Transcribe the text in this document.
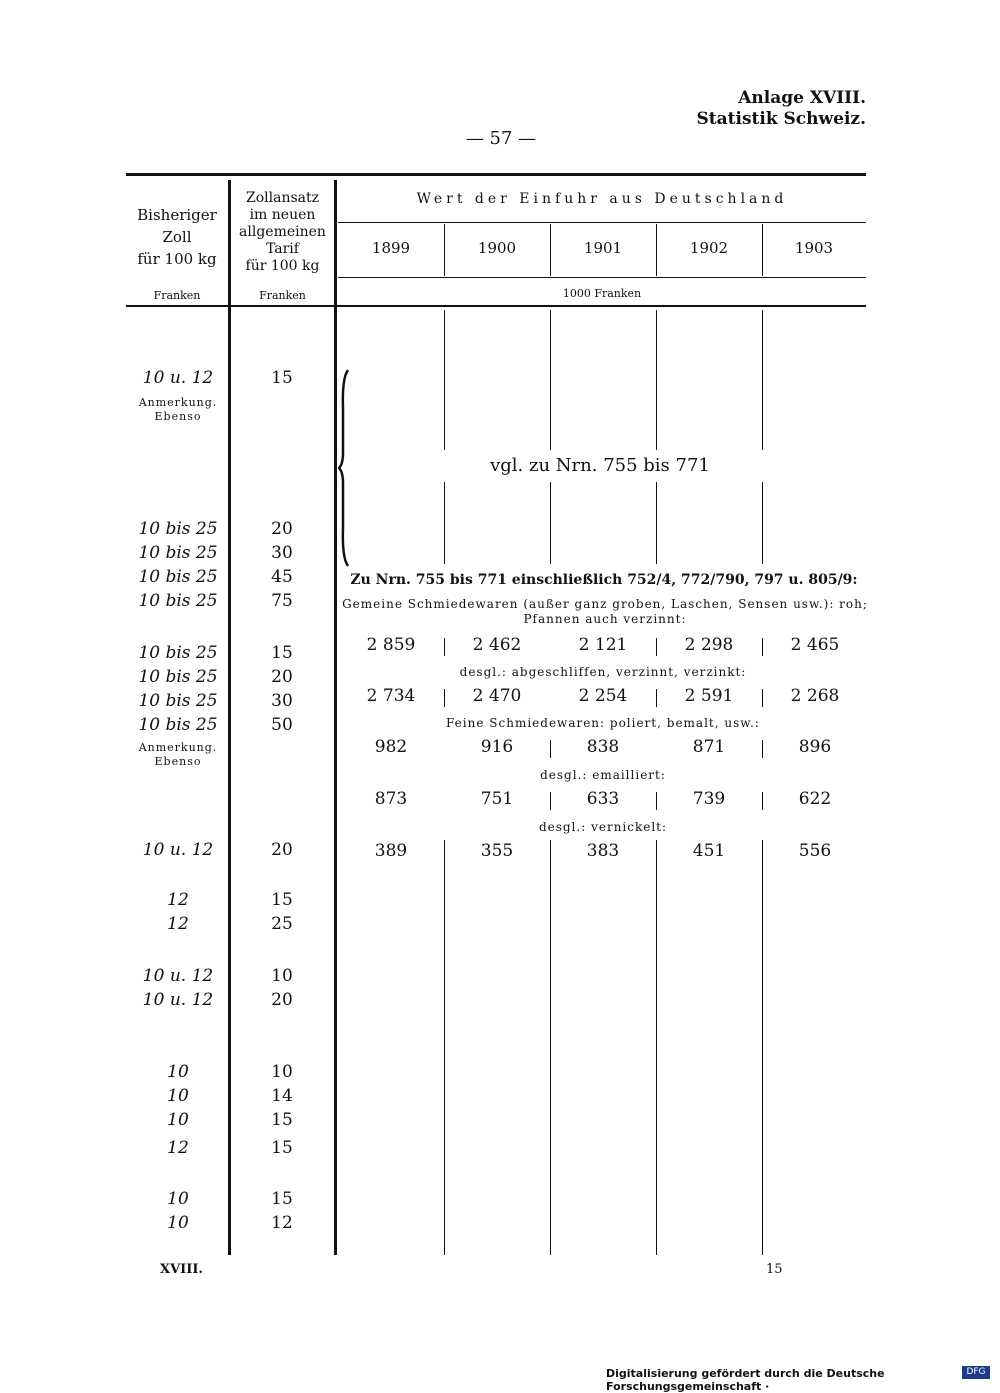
Anlage XVIII.
Statistik Schweiz.
— 57 —
Bisheriger
Zoll
für 100 kg
Zollansatz
im neuen
allgemeinen
Tarif
für 100 kg
Wert der Einfuhr aus Deutschland
1899	1900	1901	1902	1903
Franken	Franken	1000 Franken
10 u. 12	15
Anmerkung.
Ebenso
10 bis 25	20
10 bis 25	30
10 bis 25	45
10 bis 25	75
10 bis 25	15
10 bis 25	20
10 bis 25	30
10 bis 25	50
Anmerkung.
Ebenso
10 u. 12	20
12	15
12	25
10 u. 12	10
10 u. 12	20
10	10
10	14
10	15
12	15
10	15
10	12
vgl. zu Nrn. 755 bis 771
Zu Nrn. 755 bis 771 einschließlich 752/4, 772/790, 797 u. 805/9:
Gemeine Schmiedewaren (außer ganz groben, Laschen, Sensen usw.): roh; Pfannen auch verzinnt:
2 859	2 462	2 121	2 298	2 465
desgl.: abgeschliffen, verzinnt, verzinkt:
2 734	2 470	2 254	2 591	2 268
Feine Schmiedewaren: poliert, bemalt, usw.:
982	916	838	871	896
desgl.: emailliert:
873	751	633	739	622
desgl.: vernickelt:
389	355	383	451	556
XVIII.	15
Digitalisierung gefördert durch die Deutsche Forschungsgemeinschaft ·
DFG
